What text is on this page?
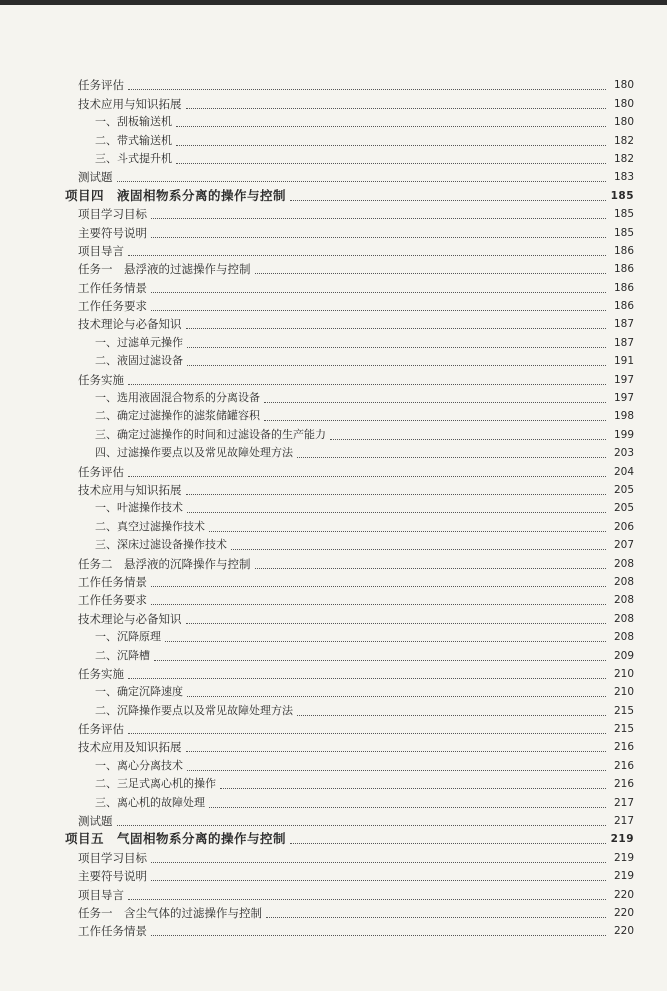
任务评估	180
技术应用与知识拓展	180
一、刮板输送机	180
二、带式输送机	182
三、斗式提升机	182
测试题	183
项目四　液固相物系分离的操作与控制	185
项目学习目标	185
主要符号说明	185
项目导言	186
任务一　悬浮液的过滤操作与控制	186
工作任务情景	186
工作任务要求	186
技术理论与必备知识	187
一、过滤单元操作	187
二、液固过滤设备	191
任务实施	197
一、选用液固混合物系的分离设备	197
二、确定过滤操作的滤浆储罐容积	198
三、确定过滤操作的时间和过滤设备的生产能力	199
四、过滤操作要点以及常见故障处理方法	203
任务评估	204
技术应用与知识拓展	205
一、叶滤操作技术	205
二、真空过滤操作技术	206
三、深床过滤设备操作技术	207
任务二　悬浮液的沉降操作与控制	208
工作任务情景	208
工作任务要求	208
技术理论与必备知识	208
一、沉降原理	208
二、沉降槽	209
任务实施	210
一、确定沉降速度	210
二、沉降操作要点以及常见故障处理方法	215
任务评估	215
技术应用及知识拓展	216
一、离心分离技术	216
二、三足式离心机的操作	216
三、离心机的故障处理	217
测试题	217
项目五　气固相物系分离的操作与控制	219
项目学习目标	219
主要符号说明	219
项目导言	220
任务一　含尘气体的过滤操作与控制	220
工作任务情景	220
